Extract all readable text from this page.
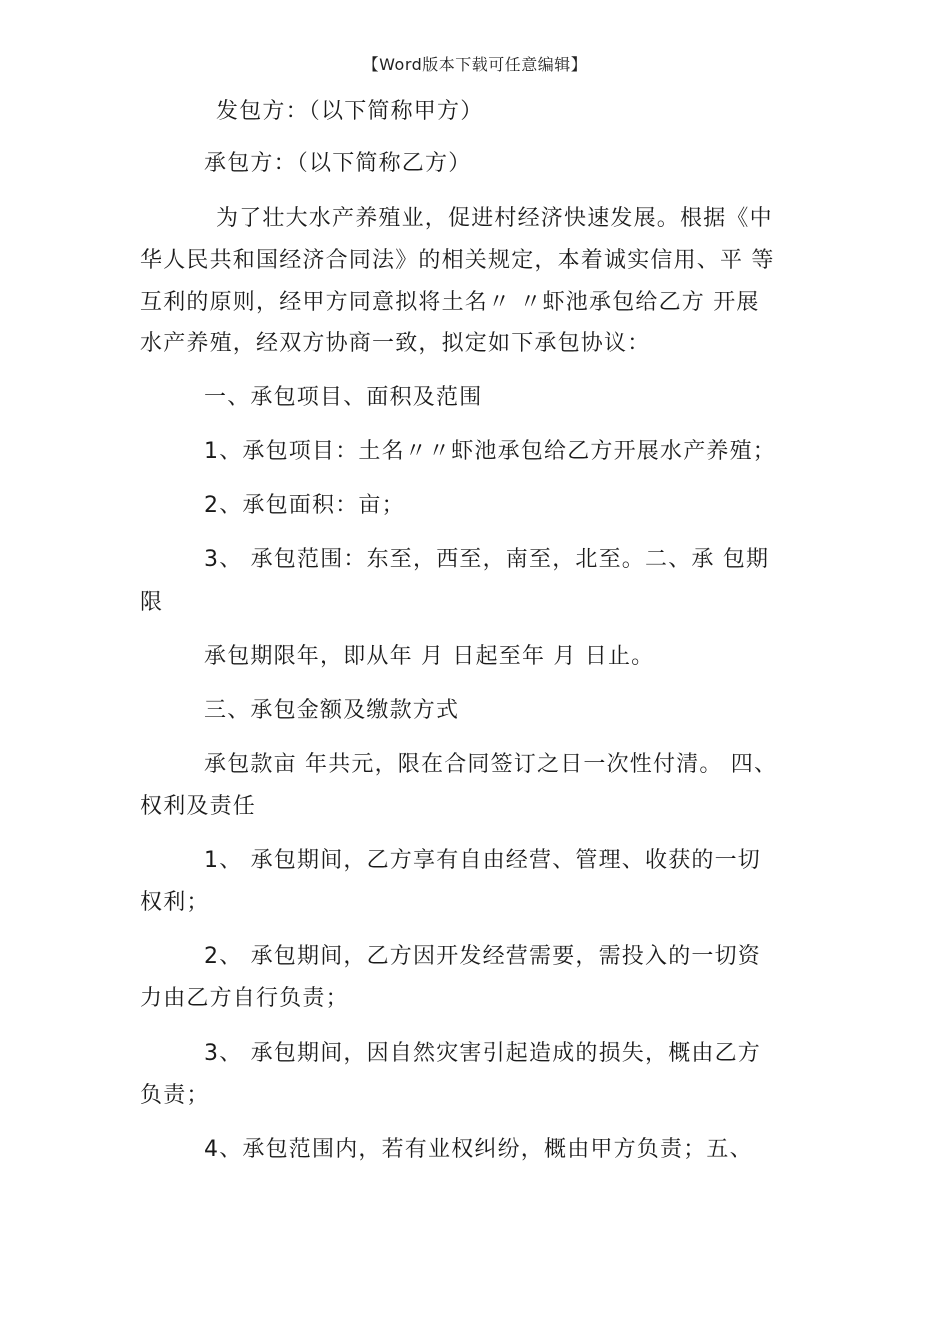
【Word版本下载可任意编辑】
发包方：（以下简称甲方）
承包方：（以下简称乙方）
为了壮大水产养殖业，促进村经济快速发展。根据《中
华人民共和国经济合同法》的相关规定，本着诚实信用、平 等
互利的原则，经甲方同意拟将土名〃 〃虾池承包给乙方 开展
水产养殖，经双方协商一致，拟定如下承包协议：
一、承包项目、面积及范围
1、承包项目：土名〃〃虾池承包给乙方开展水产养殖；
2、承包面积：亩；
3、 承包范围：东至，西至，南至，北至。二、承 包期
限
承包期限年，即从年 月 日起至年 月 日止。
三、承包金额及缴款方式
承包款亩 年共元，限在合同签订之日一次性付清。 四、
权利及责任
1、 承包期间，乙方享有自由经营、管理、收获的一切
权利；
2、 承包期间，乙方因开发经营需要，需投入的一切资
力由乙方自行负责；
3、 承包期间，因自然灾害引起造成的损失，概由乙方
负责；
4、承包范围内，若有业权纠纷，概由甲方负责；五、
